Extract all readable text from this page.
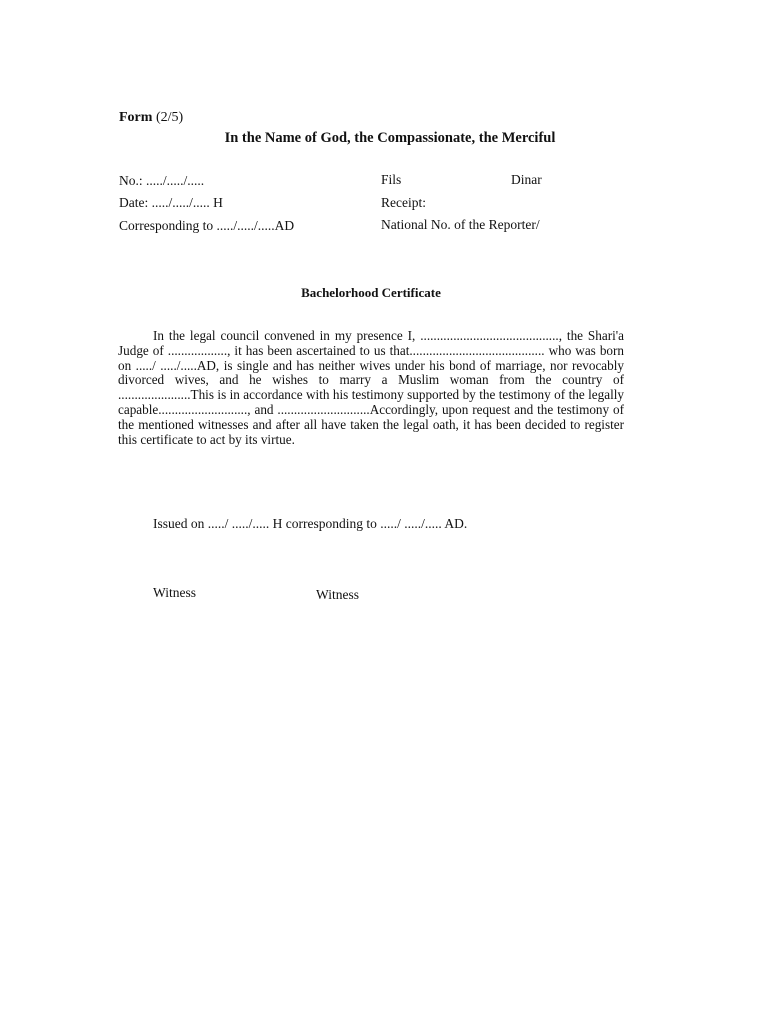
Form (2/5)
In the Name of God, the Compassionate, the Merciful
No.: ...../...../.....
Date: ...../...../..... H
Corresponding to ...../...../.....AD
Fils	Dinar
Receipt:
National No. of the Reporter/
Bachelorhood Certificate
In the legal council convened in my presence I, .........................................., the Shari'a Judge of .................., it has been ascertained to us that......................................... who was born on ...../ ...../.....AD, is single and has neither wives under his bond of marriage, nor revocably divorced wives, and he wishes to marry a Muslim woman from the country of ......................This is in accordance with his testimony supported by the testimony of the legally capable..........................., and ............................Accordingly, upon request and the testimony of the mentioned witnesses and after all have taken the legal oath, it has been decided to register this certificate to act by its virtue.
Issued on ...../ ...../..... H corresponding to ...../ ...../..... AD.
Witness	Witness
